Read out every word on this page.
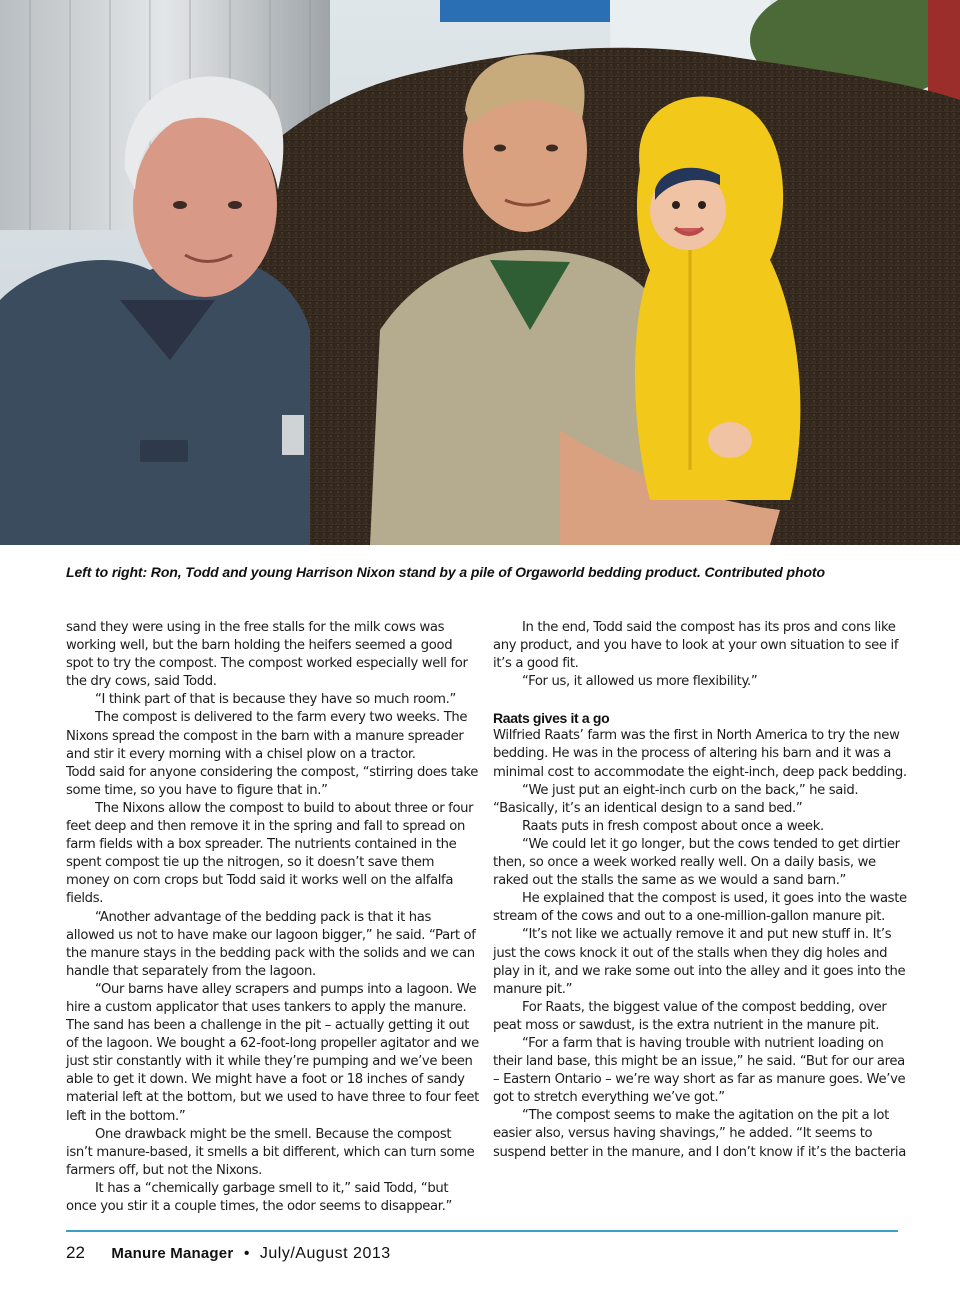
Left to right: Ron, Todd and young Harrison Nixon stand by a pile of Orgaworld bedding product. Contributed photo

sand they were using in the free stalls for the milk cows was working well, but the barn holding the heifers seemed a good spot to try the compost. The compost worked especially well for the dry cows, said Todd.

“I think part of that is because they have so much room.”

The compost is delivered to the farm every two weeks. The Nixons spread the compost in the barn with a manure spreader and stir it every morning with a chisel plow on a tractor.

Todd said for anyone considering the compost, “stirring does take some time, so you have to figure that in.”

The Nixons allow the compost to build to about three or four feet deep and then remove it in the spring and fall to spread on farm fields with a box spreader. The nutrients contained in the spent compost tie up the nitrogen, so it doesn’t save them money on corn crops but Todd said it works well on the alfalfa fields.

“Another advantage of the bedding pack is that it has allowed us not to have make our lagoon bigger,” he said. “Part of the manure stays in the bedding pack with the solids and we can handle that separately from the lagoon.

“Our barns have alley scrapers and pumps into a lagoon. We hire a custom applicator that uses tankers to apply the manure. The sand has been a challenge in the pit – actually getting it out of the lagoon. We bought a 62-foot-long propeller agitator and we just stir constantly with it while they’re pumping and we’ve been able to get it down. We might have a foot or 18 inches of sandy material left at the bottom, but we used to have three to four feet left in the bottom.”

One drawback might be the smell. Because the compost isn’t manure-based, it smells a bit different, which can turn some farmers off, but not the Nixons.

It has a “chemically garbage smell to it,” said Todd, “but once you stir it a couple times, the odor seems to disappear.”

In the end, Todd said the compost has its pros and cons like any product, and you have to look at your own situation to see if it’s a good fit.

“For us, it allowed us more flexibility.”

Raats gives it a go

Wilfried Raats’ farm was the first in North America to try the new bedding. He was in the process of altering his barn and it was a minimal cost to accommodate the eight-inch, deep pack bedding.

“We just put an eight-inch curb on the back,” he said. “Basically, it’s an identical design to a sand bed.”

Raats puts in fresh compost about once a week.

“We could let it go longer, but the cows tended to get dirtier then, so once a week worked really well. On a daily basis, we raked out the stalls the same as we would a sand barn.”

He explained that the compost is used, it goes into the waste stream of the cows and out to a one-million-gallon manure pit.

“It’s not like we actually remove it and put new stuff in. It’s just the cows knock it out of the stalls when they dig holes and play in it, and we rake some out into the alley and it goes into the manure pit.”

For Raats, the biggest value of the compost bedding, over peat moss or sawdust, is the extra nutrient in the manure pit.

“For a farm that is having trouble with nutrient loading on their land base, this might be an issue,” he said. “But for our area – Eastern Ontario – we’re way short as far as manure goes. We’ve got to stretch everything we’ve got.”

“The compost seems to make the agitation on the pit a lot easier also, versus having shavings,” he added. “It seems to suspend better in the manure, and I don’t know if it’s the bacteria

22 Manure Manager • July/August 2013
